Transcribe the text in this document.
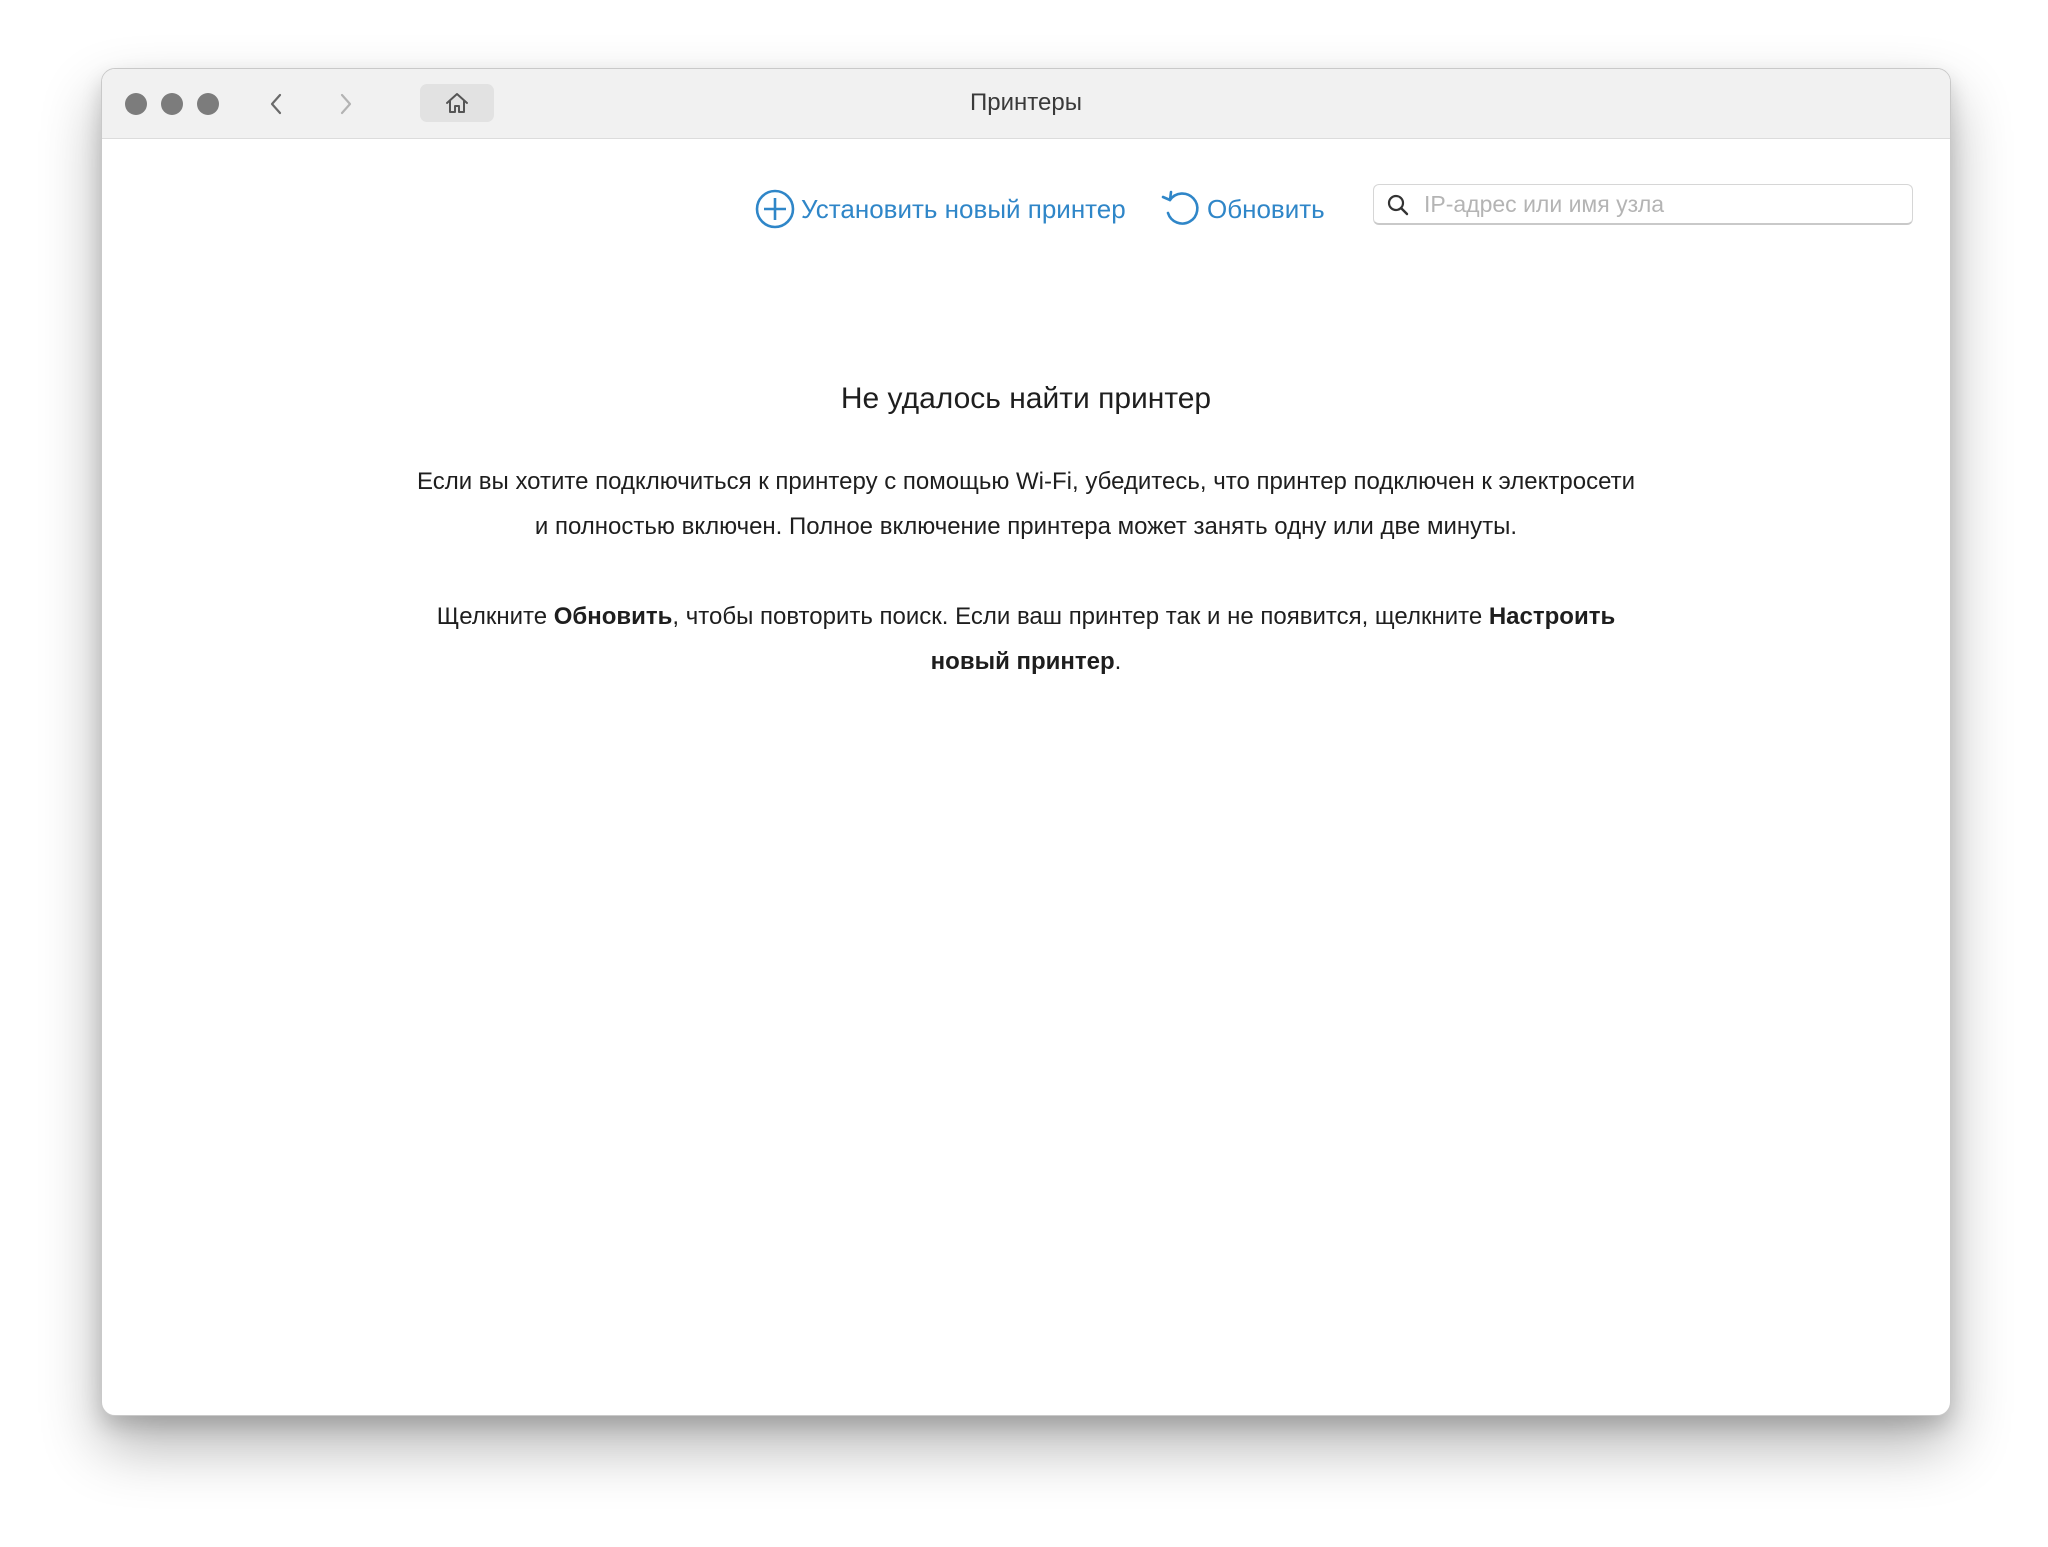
Принтеры
Установить новый принтер	Обновить
IP-адрес или имя узла
Не удалось найти принтер

Если вы хотите подключиться к принтеру с помощью Wi-Fi, убедитесь, что принтер подключен к электросети и полностью включен. Полное включение принтера может занять одну или две минуты.

Щелкните Обновить, чтобы повторить поиск. Если ваш принтер так и не появится, щелкните Настроить новый принтер.
